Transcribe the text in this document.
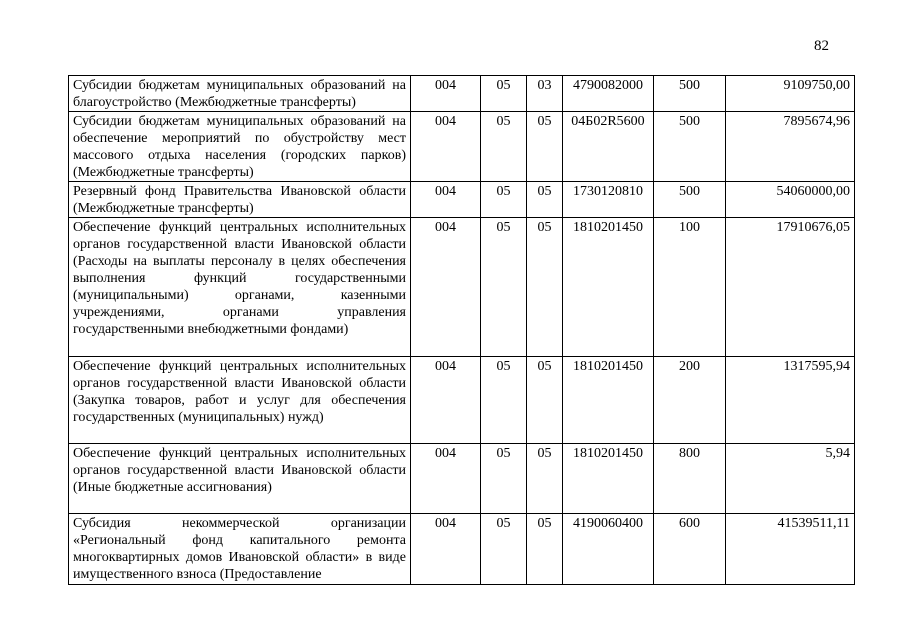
82
Субсидии бюджетам муниципальных образований на благоустройство (Межбюджетные трансферты)	004	05	03	4790082000	500	9109750,00
Субсидии бюджетам муниципальных образований на обеспечение мероприятий по обустройству мест массового отдыха населения (городских парков) (Межбюджетные трансферты)	004	05	05	04Б02R5600	500	7895674,96
Резервный фонд Правительства Ивановской области (Межбюджетные трансферты)	004	05	05	1730120810	500	54060000,00
Обеспечение функций центральных исполнительных органов государственной власти Ивановской области (Расходы на выплаты персоналу в целях обеспечения выполнения функций государственными (муниципальными) органами, казенными учреждениями, органами управления государственными внебюджетными фондами)	004	05	05	1810201450	100	17910676,05
Обеспечение функций центральных исполнительных органов государственной власти Ивановской области (Закупка товаров, работ и услуг для обеспечения государственных (муниципальных) нужд)	004	05	05	1810201450	200	1317595,94
Обеспечение функций центральных исполнительных органов государственной власти Ивановской области (Иные бюджетные ассигнования)	004	05	05	1810201450	800	5,94
Субсидия некоммерческой организации «Региональный фонд капитального ремонта многоквартирных домов Ивановской области» в виде имущественного взноса (Предоставление	004	05	05	4190060400	600	41539511,11
